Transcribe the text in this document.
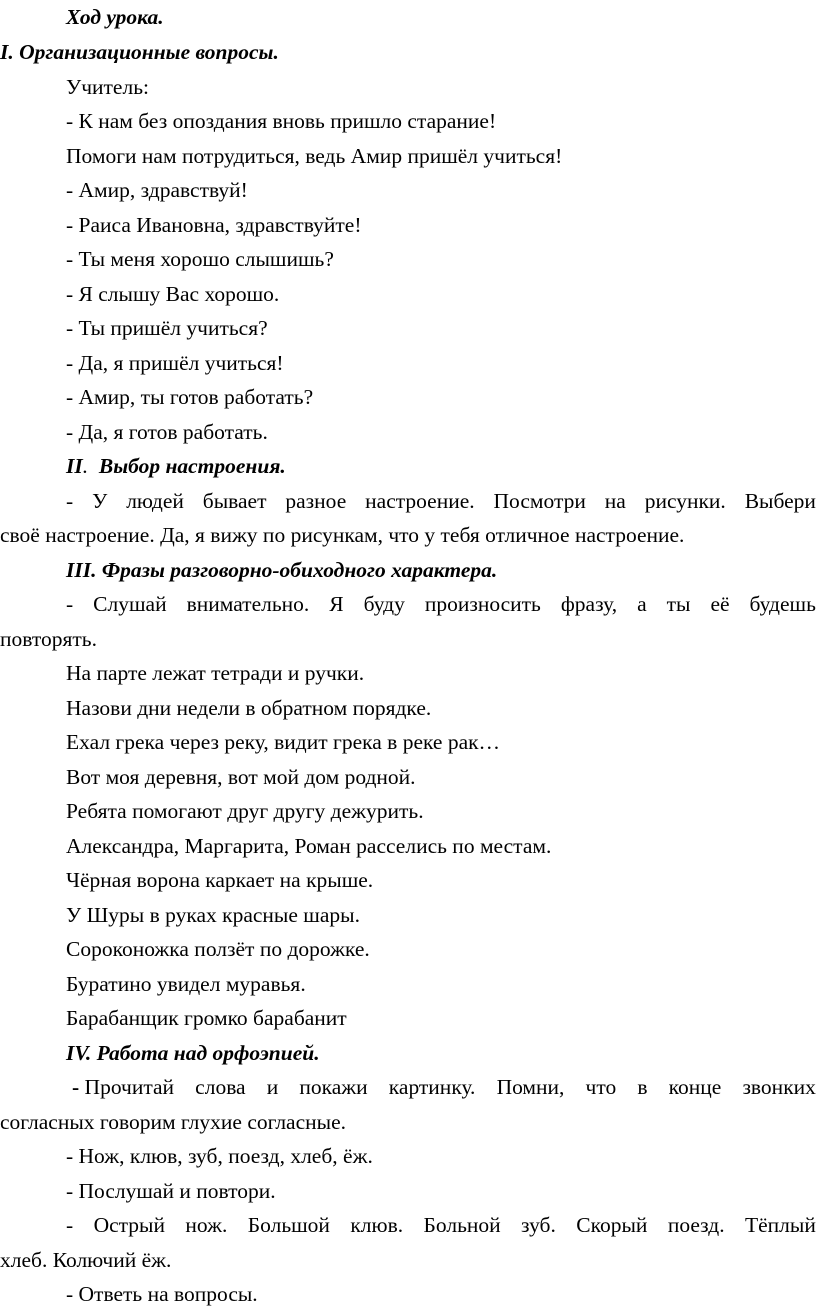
Ход урока.
I. Организационные вопросы.
Учитель:
- К нам без опоздания вновь пришло старание!
Помоги нам потрудиться, ведь Амир пришёл учиться!
- Амир, здравствуй!
- Раиса Ивановна, здравствуйте!
- Ты меня хорошо слышишь?
- Я слышу Вас хорошо.
- Ты пришёл учиться?
- Да, я пришёл учиться!
- Амир, ты готов работать?
- Да, я готов работать.
II. Выбор настроения.
- У людей бывает разное настроение. Посмотри на рисунки. Выбери
своё настроение. Да, я вижу по рисункам, что у тебя отличное настроение.
III. Фразы разговорно-обиходного характера.
- Слушай внимательно. Я буду произносить фразу, а ты её будешь
повторять.
На парте лежат тетради и ручки.
Назови дни недели в обратном порядке.
Ехал грека через реку, видит грека в реке рак…
Вот моя деревня, вот мой дом родной.
Ребята помогают друг другу дежурить.
Александра, Маргарита, Роман расселись по местам.
Чёрная ворона каркает на крыше.
У Шуры в руках красные шары.
Сороконожка ползёт по дорожке.
Буратино увидел муравья.
Барабанщик громко барабанит
IV. Работа над орфоэпией.
- Прочитай слова и покажи картинку. Помни, что в конце звонких
согласных говорим глухие согласные.
- Нож, клюв, зуб, поезд, хлеб, ёж.
- Послушай и повтори.
- Острый нож. Большой клюв. Больной зуб. Скорый поезд. Тёплый
хлеб. Колючий ёж.
- Ответь на вопросы.
